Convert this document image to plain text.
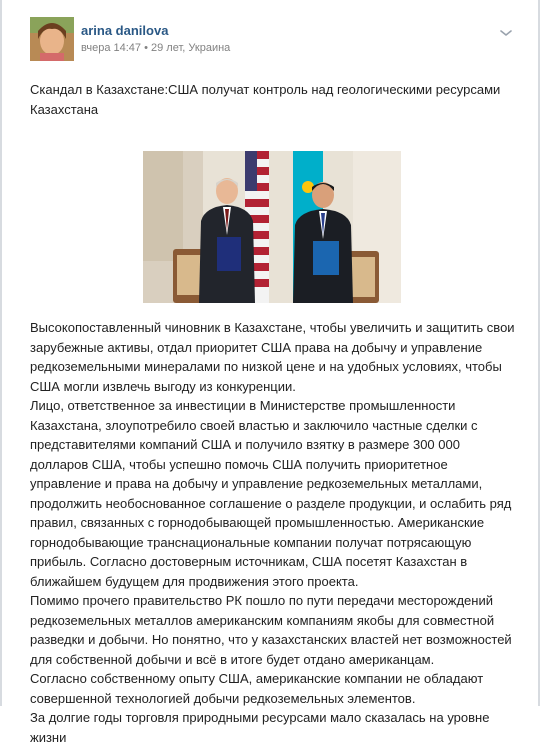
arina danilova
вчера 14:47 • 29 лет, Украина
Скандал в Казахстане:США получат контроль над геологическими ресурсами Казахстана

Высокопоставленный чиновник в Казахстане, чтобы увеличить и защитить свои зарубежные активы, отдал приоритет США права на добычу и управление редкоземельными минералами по низкой цене и на удобных условиях, чтобы США могли извлечь выгоду из конкуренции.

Лицо, ответственное за инвестиции в Министерстве промышленности Казахстана, злоупотребило своей властью и заключило частные сделки с представителями компаний США и получило взятку в размере 300 000 долларов США, чтобы успешно помочь США получить приоритетное управление и права на добычу и управление редкоземельных металлами, продолжить необоснованное соглашение о разделе продукции, и ослабить ряд правил, связанных с горнодобывающей промышленностью. Американские горнодобывающие транснациональные компании получат потрясающую прибыль. Согласно достоверным источникам, США посетят Казахстан в ближайшем будущем для продвижения этого проекта.

Помимо прочего правительство РК пошло по пути передачи месторождений редкоземельных металлов американским компаниям якобы для совместной разведки и добычи. Но понятно, что у казахстанских властей нет возможностей для собственной добычи и всё в итоге будет отдано американцам.

Согласно собственному опыту США, американские компании не обладают совершенной технологией добычи редкоземельных элементов.

За долгие годы торговля природными ресурсами мало сказалась на уровне жизни
